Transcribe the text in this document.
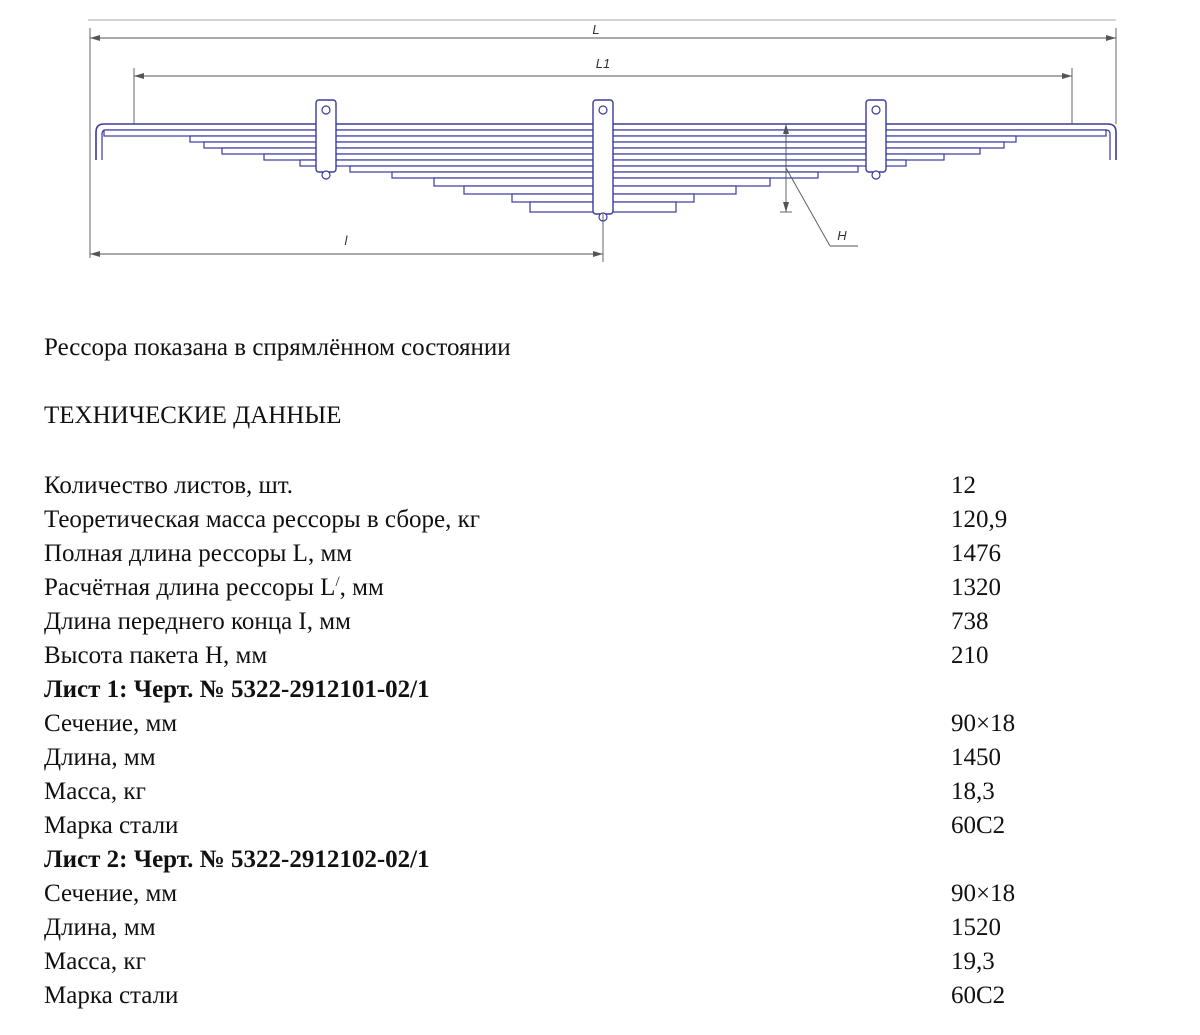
L
L1
l	H
Рессора показана в спрямлённом состоянии
ТЕХНИЧЕСКИЕ ДАННЫЕ
Количество листов, шт.	12
Теоретическая масса рессоры в сборе, кг	120,9
Полная длина рессоры L, мм	1476
Расчётная длина рессоры L/, мм	1320
Длина переднего конца I, мм	738
Высота пакета H, мм	210
Лист 1: Черт. № 5322-2912101-02/1
Сечение, мм	90×18
Длина, мм	1450
Масса, кг	18,3
Марка стали	60С2
Лист 2: Черт. № 5322-2912102-02/1
Сечение, мм	90×18
Длина, мм	1520
Масса, кг	19,3
Марка стали	60С2
